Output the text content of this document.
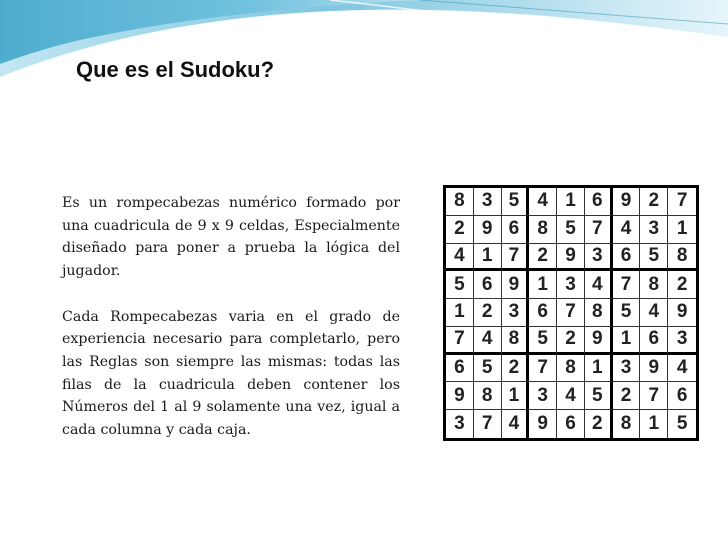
Que es el Sudoku?

Es un rompecabezas numérico formado por una cuadricula de 9 x 9 celdas, Especialmente diseñado para poner a prueba la lógica del jugador.

Cada Rompecabezas varia en el grado de experiencia necesario para completarlo, pero las Reglas son siempre las mismas: todas las filas de la cuadricula deben contener los Números del 1 al 9 solamente una vez, igual a cada columna y cada caja.

8 3 5 4 1 6 9 2 7
2 9 6 8 5 7 4 3 1
4 1 7 2 9 3 6 5 8
5 6 9 1 3 4 7 8 2
1 2 3 6 7 8 5 4 9
7 4 8 5 2 9 1 6 3
6 5 2 7 8 1 3 9 4
9 8 1 3 4 5 2 7 6
3 7 4 9 6 2 8 1 5
